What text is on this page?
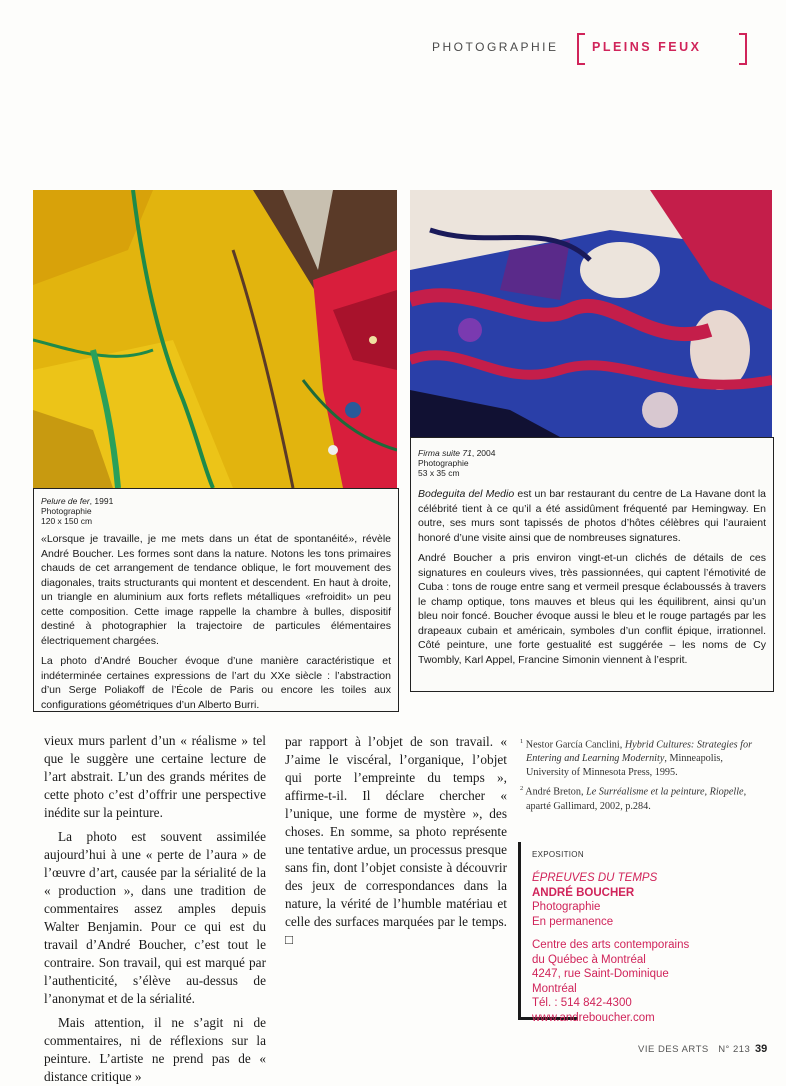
PHOTOGRAPHIE	PLEINS FEUX
Pelure de fer, 1991
Photographie
120 x 150 cm

«Lorsque je travaille, je me mets dans un état de spontanéité», révèle André Boucher. Les formes sont dans la nature. Notons les tons primaires chauds de cet arrangement de tendance oblique, le fort mouvement des diagonales, traits structurants qui montent et descendent. En haut à droite, un triangle en aluminium aux forts reflets métalliques «refroidit» un peu cette composition. Cette image rappelle la chambre à bulles, dispositif destiné à photographier la trajectoire de particules élémentaires électriquement chargées.

La photo d’André Boucher évoque d’une manière caractéristique et indéterminée certaines expressions de l’art du XXe siècle : l’abstraction d’un Serge Poliakoff de l’École de Paris ou encore les toiles aux configurations géométriques d’un Alberto Burri.

Firma suite 71, 2004
Photographie
53 x 35 cm

Bodeguita del Medio est un bar restaurant du centre de La Havane dont la célébrité tient à ce qu’il a été assidûment fréquenté par Hemingway. En outre, ses murs sont tapissés de photos d’hôtes célèbres qui l’auraient honoré d’une visite ainsi que de nombreuses signatures.

André Boucher a pris environ vingt-et-un clichés de détails de ces signatures en couleurs vives, très passionnées, qui captent l’émotivité de Cuba : tons de rouge entre sang et vermeil presque éclaboussés à travers le champ optique, tons mauves et bleus qui les équilibrent, ainsi qu’un bleu noir foncé. Boucher évoque aussi le bleu et le rouge partagés par les drapeaux cubain et américain, symboles d’un conflit épique, irrationnel. Côté peinture, une forte gestualité est suggérée – les noms de Cy Twombly, Karl Appel, Francine Simonin viennent à l’esprit.

vieux murs parlent d’un « réalisme » tel que le suggère une certaine lecture de l’art abstrait. L’un des grands mérites de cette photo c’est d’offrir une perspective inédite sur la peinture.

La photo est souvent assimilée aujourd’hui à une « perte de l’aura » de l’œuvre d’art, causée par la sérialité de la « production », dans une tradition de commentaires assez amples depuis Walter Benjamin. Pour ce qui est du travail d’André Boucher, c’est tout le contraire. Son travail, qui est marqué par l’authenticité, s’élève au-dessus de l’anonymat et de la sérialité.

Mais attention, il ne s’agit ni de commentaires, ni de réflexions sur la peinture. L’artiste ne prend pas de « distance critique »

par rapport à l’objet de son travail. « J’aime le viscéral, l’organique, l’objet qui porte l’empreinte du temps », affirme-t-il. Il déclare chercher « l’unique, une forme de mystère », des choses. En somme, sa photo représente une tentative ardue, un processus presque sans fin, dont l’objet consiste à découvrir des jeux de correspondances dans la nature, la vérité de l’humble matériau et celle des surfaces marquées par le temps. □

$^1$ Nestor García Canclini, Hybrid Cultures: Strategies for Entering and Learning Modernity, Minneapolis, University of Minnesota Press, 1995.

$^2$ André Breton, Le Surréalisme et la peinture, Riopelle, aparté Gallimard, 2002, p.284.

EXPOSITION
ÉPREUVES DU TEMPS
ANDRÉ BOUCHER
Photographie
En permanence
Centre des arts contemporains
du Québec à Montréal
4247, rue Saint-Dominique
Montréal
Tél. : 514 842-4300
www.andreboucher.com
VIE DES ARTS N° 213 39
